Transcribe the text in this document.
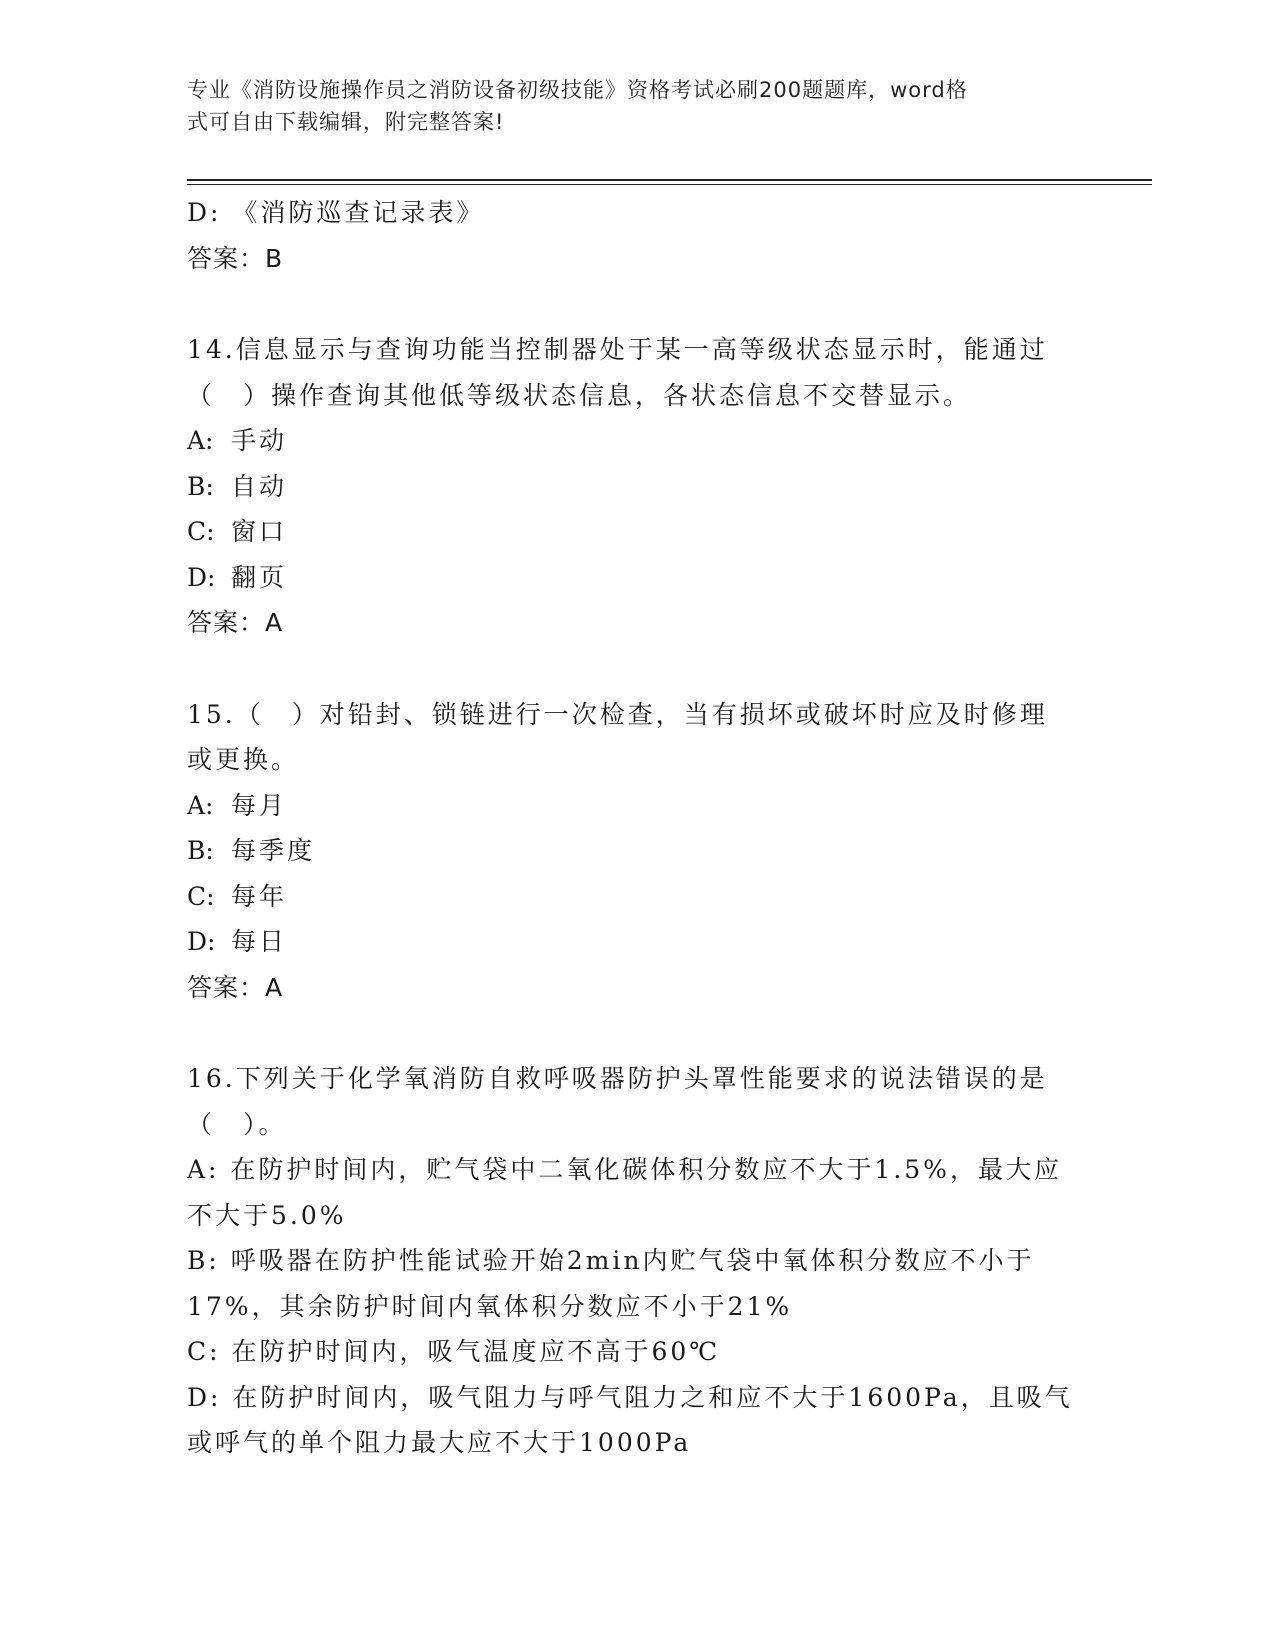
专业《消防设施操作员之消防设备初级技能》资格考试必刷200题题库，word格
式可自由下载编辑，附完整答案!
D: 《消防巡查记录表》
答案：B
14.信息显示与查询功能当控制器处于某一高等级状态显示时，能通过
（　）操作查询其他低等级状态信息，各状态信息不交替显示。
A: 手动
B: 自动
C: 窗口
D: 翻页
答案：A
15.（　）对铅封、锁链进行一次检查，当有损坏或破坏时应及时修理
或更换。
A: 每月
B: 每季度
C: 每年
D: 每日
答案：A
16.下列关于化学氧消防自救呼吸器防护头罩性能要求的说法错误的是
（　）。
A: 在防护时间内，贮气袋中二氧化碳体积分数应不大于1.5%，最大应
不大于5.0%
B: 呼吸器在防护性能试验开始2min内贮气袋中氧体积分数应不小于
17%，其余防护时间内氧体积分数应不小于21%
C: 在防护时间内，吸气温度应不高于60℃
D: 在防护时间内，吸气阻力与呼气阻力之和应不大于1600Pa，且吸气
或呼气的单个阻力最大应不大于1000Pa
